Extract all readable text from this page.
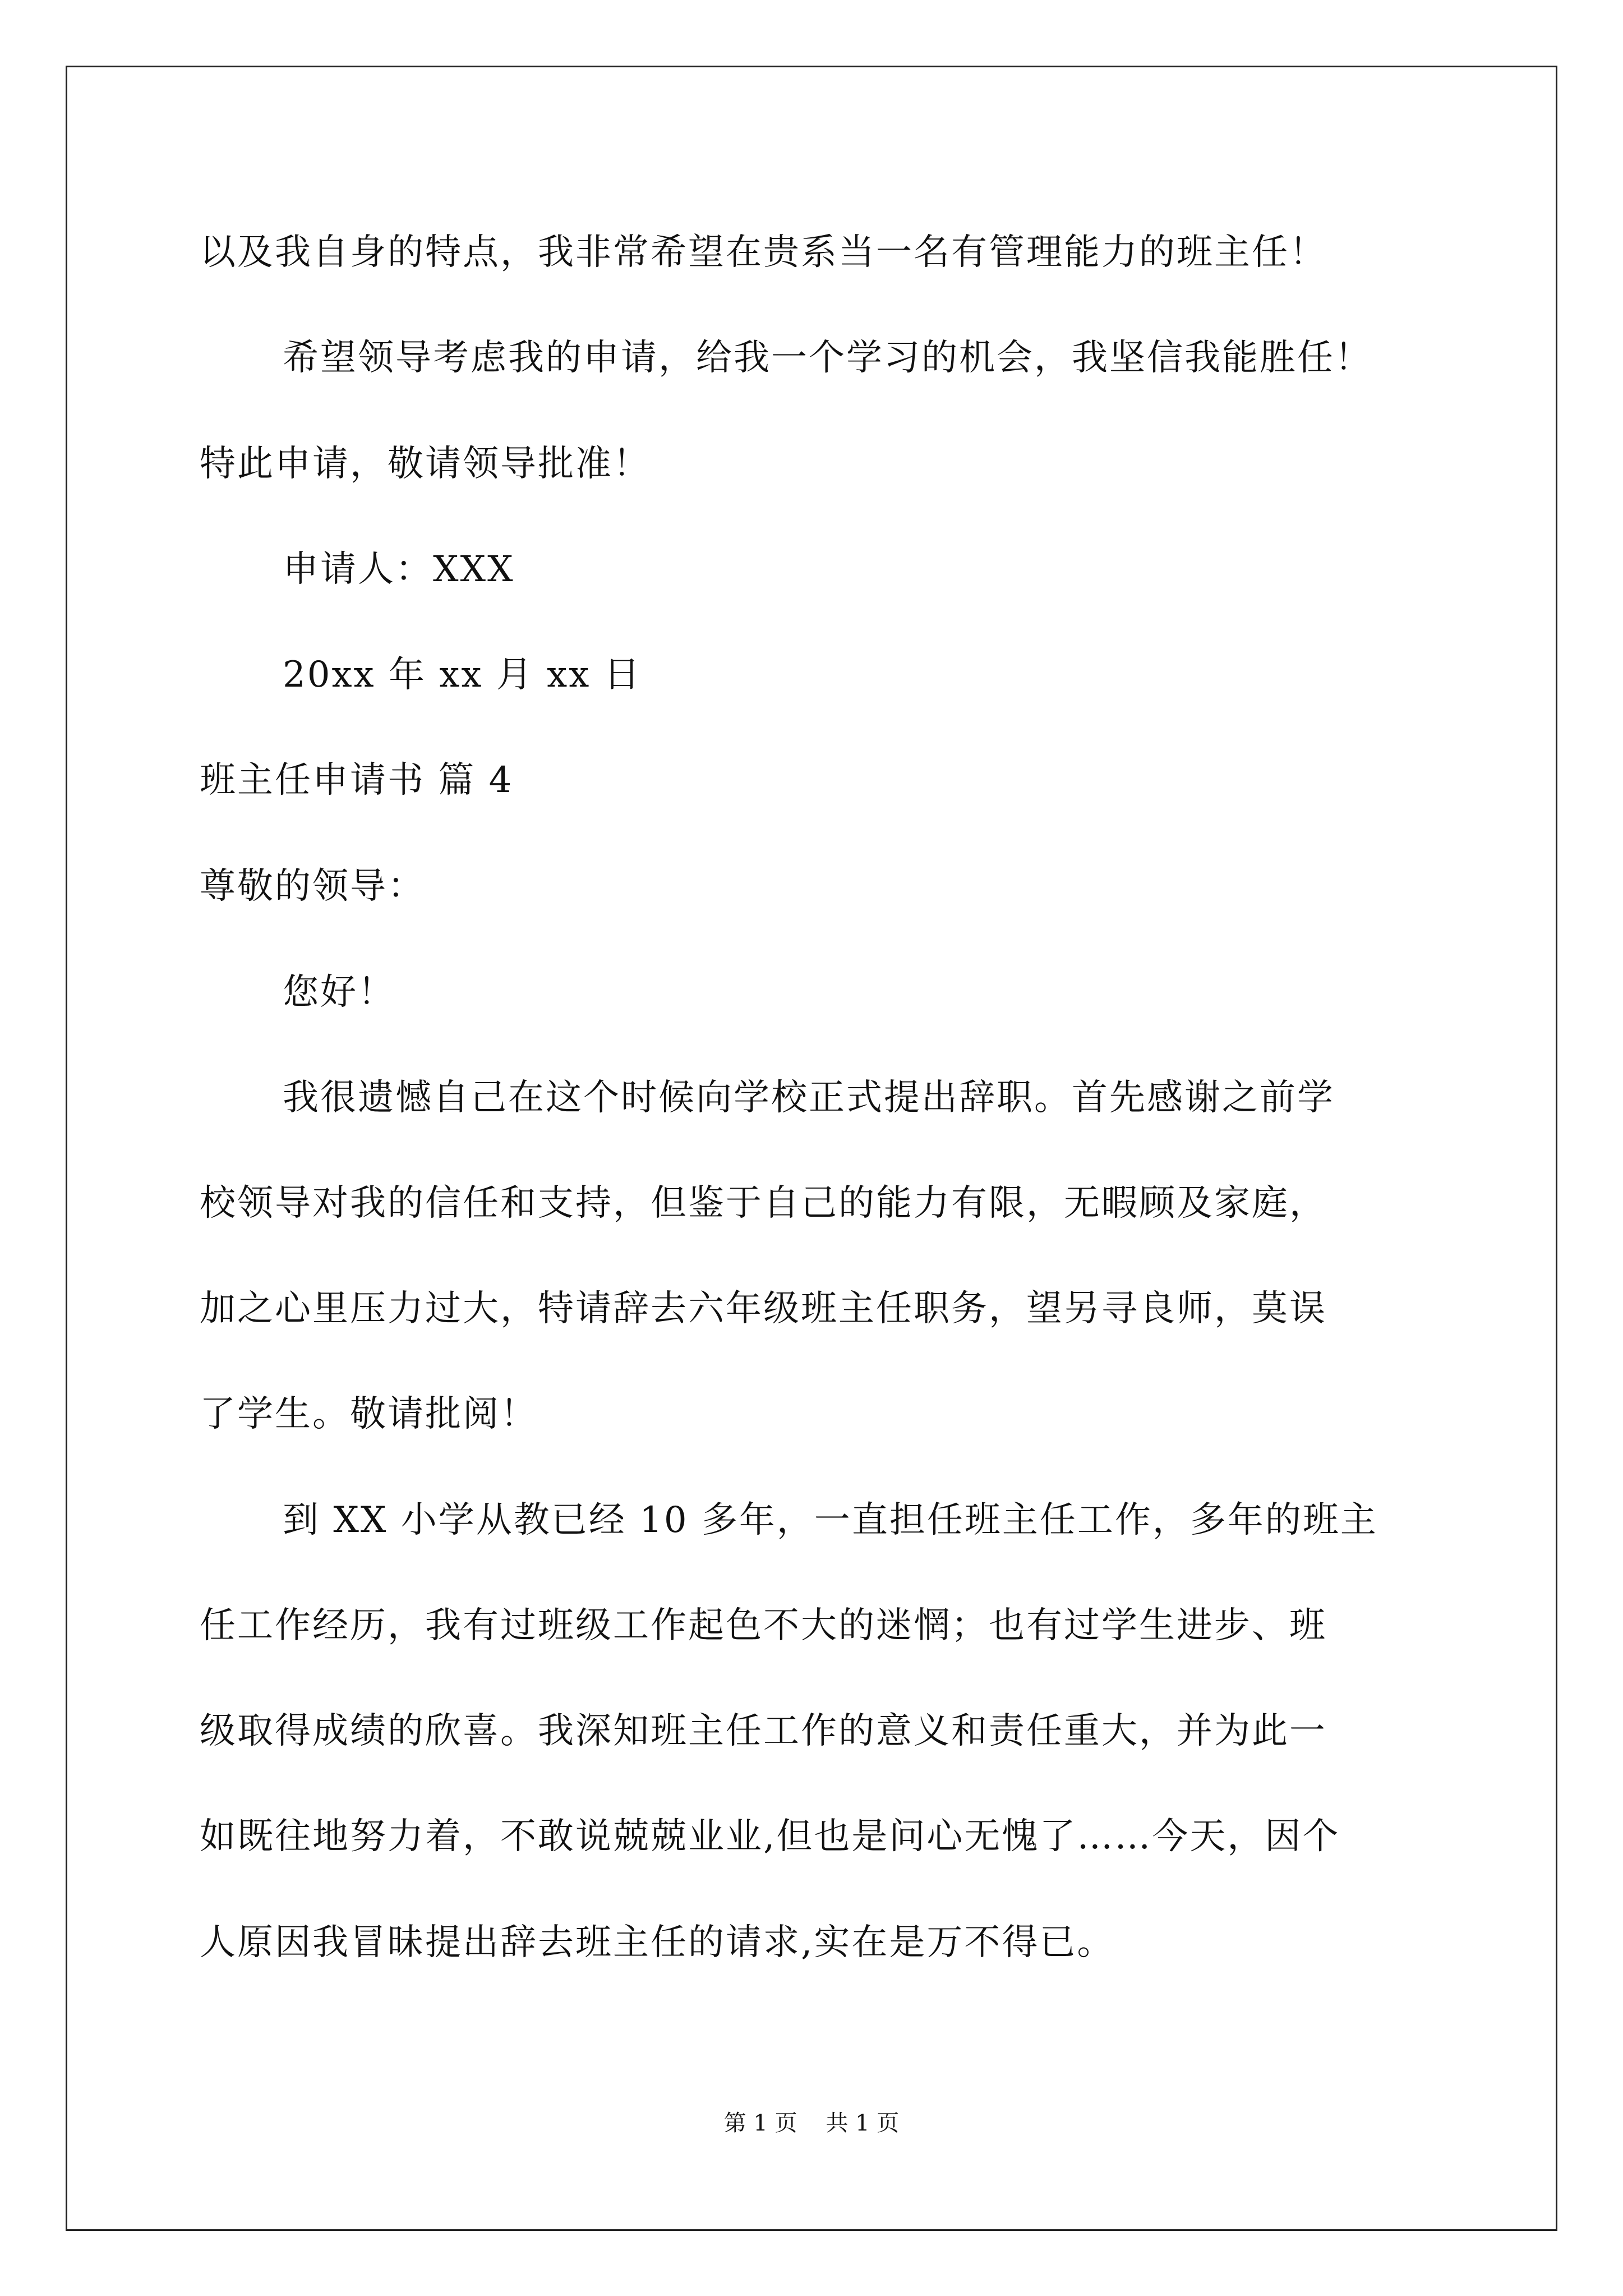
以及我自身的特点，我非常希望在贵系当一名有管理能力的班主任！
希望领导考虑我的申请，给我一个学习的机会，我坚信我能胜任！
特此申请，敬请领导批准！
申请人：XXX
20xx 年 xx 月 xx 日
班主任申请书 篇 4
尊敬的领导：
您好！
我很遗憾自己在这个时候向学校正式提出辞职。首先感谢之前学
校领导对我的信任和支持，但鉴于自己的能力有限，无暇顾及家庭，
加之心里压力过大，特请辞去六年级班主任职务，望另寻良师，莫误
了学生。敬请批阅！
到 XX 小学从教已经 10 多年，一直担任班主任工作，多年的班主
任工作经历，我有过班级工作起色不大的迷惘；也有过学生进步、班
级取得成绩的欣喜。我深知班主任工作的意义和责任重大，并为此一
如既往地努力着，不敢说兢兢业业,但也是问心无愧了……今天，因个
人原因我冒昧提出辞去班主任的请求,实在是万不得已。
第 1 页    共 1 页
